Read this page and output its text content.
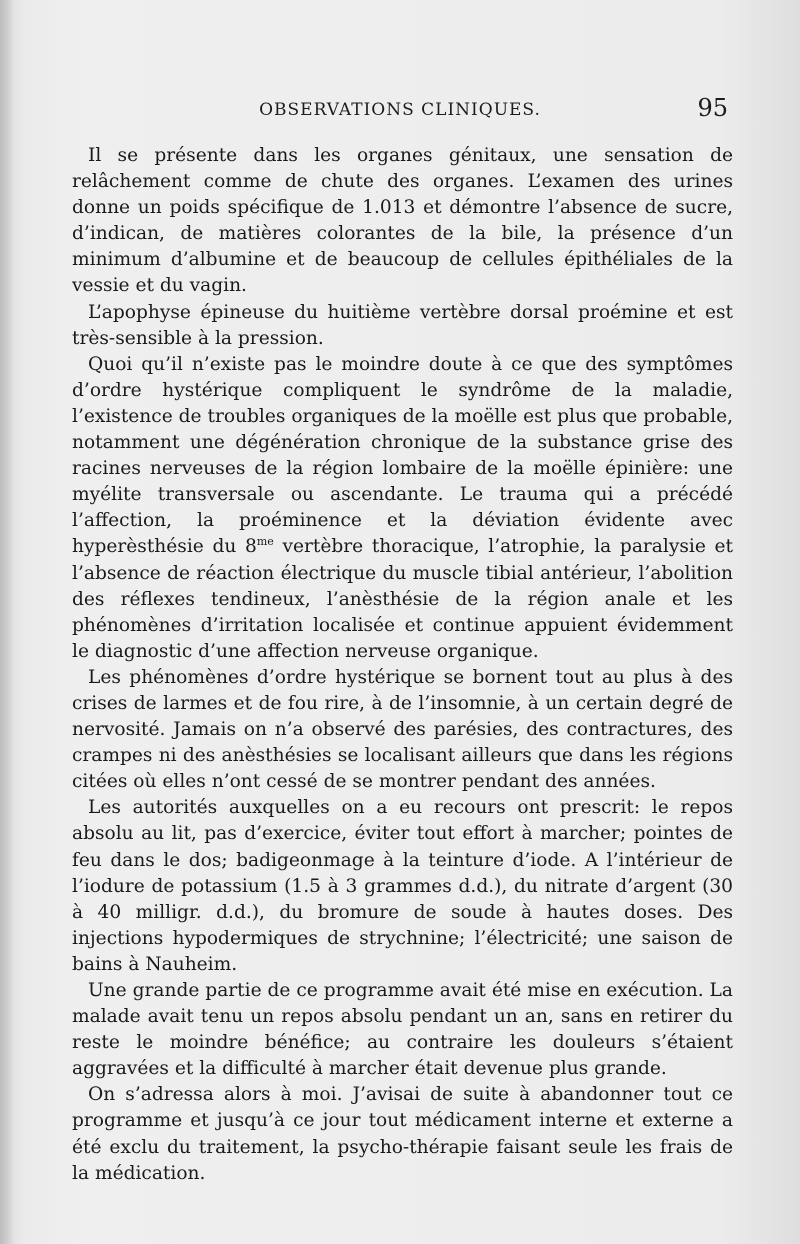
OBSERVATIONS CLINIQUES.	95

Il se présente dans les organes génitaux, une sensation de relâchement comme de chute des organes. L’examen des urines donne un poids spécifique de 1.013 et démontre l’absence de sucre, d’indican, de matières colorantes de la bile, la présence d’un minimum d’albumine et de beaucoup de cellules épithéliales de la vessie et du vagin.

L’apophyse épineuse du huitième vertèbre dorsal proémine et est très-sensible à la pression.

Quoi qu’il n’existe pas le moindre doute à ce que des symptômes d’ordre hystérique compliquent le syndrôme de la maladie, l’existence de troubles organiques de la moëlle est plus que probable, notamment une dégénération chronique de la substance grise des racines nerveuses de la région lombaire de la moëlle épinière: une myélite transversale ou ascendante. Le trauma qui a précédé l’affection, la proéminence et la déviation évidente avec hyperèsthésie du $8^{me}$ vertèbre thoracique, l’atrophie, la paralysie et l’absence de réaction électrique du muscle tibial antérieur, l’abolition des réflexes tendineux, l’anèsthésie de la région anale et les phénomènes d’irritation localisée et continue appuient évidemment le diagnostic d’une affection nerveuse organique.

Les phénomènes d’ordre hystérique se bornent tout au plus à des crises de larmes et de fou rire, à de l’insomnie, à un certain degré de nervosité. Jamais on n’a observé des parésies, des contractures, des crampes ni des anèsthésies se localisant ailleurs que dans les régions citées où elles n’ont cessé de se montrer pendant des années.

Les autorités auxquelles on a eu recours ont prescrit: le repos absolu au lit, pas d’exercice, éviter tout effort à marcher; pointes de feu dans le dos; badigeonmage à la teinture d’iode. A l’intérieur de l’iodure de potassium (1.5 à 3 grammes d.d.), du nitrate d’argent (30 à 40 milligr. d.d.), du bromure de soude à hautes doses. Des injections hypodermiques de strychnine; l’électricité; une saison de bains à Nauheim.

Une grande partie de ce programme avait été mise en exécution. La malade avait tenu un repos absolu pendant un an, sans en retirer du reste le moindre bénéfice; au contraire les douleurs s’étaient aggravées et la difficulté à marcher était devenue plus grande.

On s’adressa alors à moi. J’avisai de suite à abandonner tout ce programme et jusqu’à ce jour tout médicament interne et externe a été exclu du traitement, la psycho-thérapie faisant seule les frais de la médication.
